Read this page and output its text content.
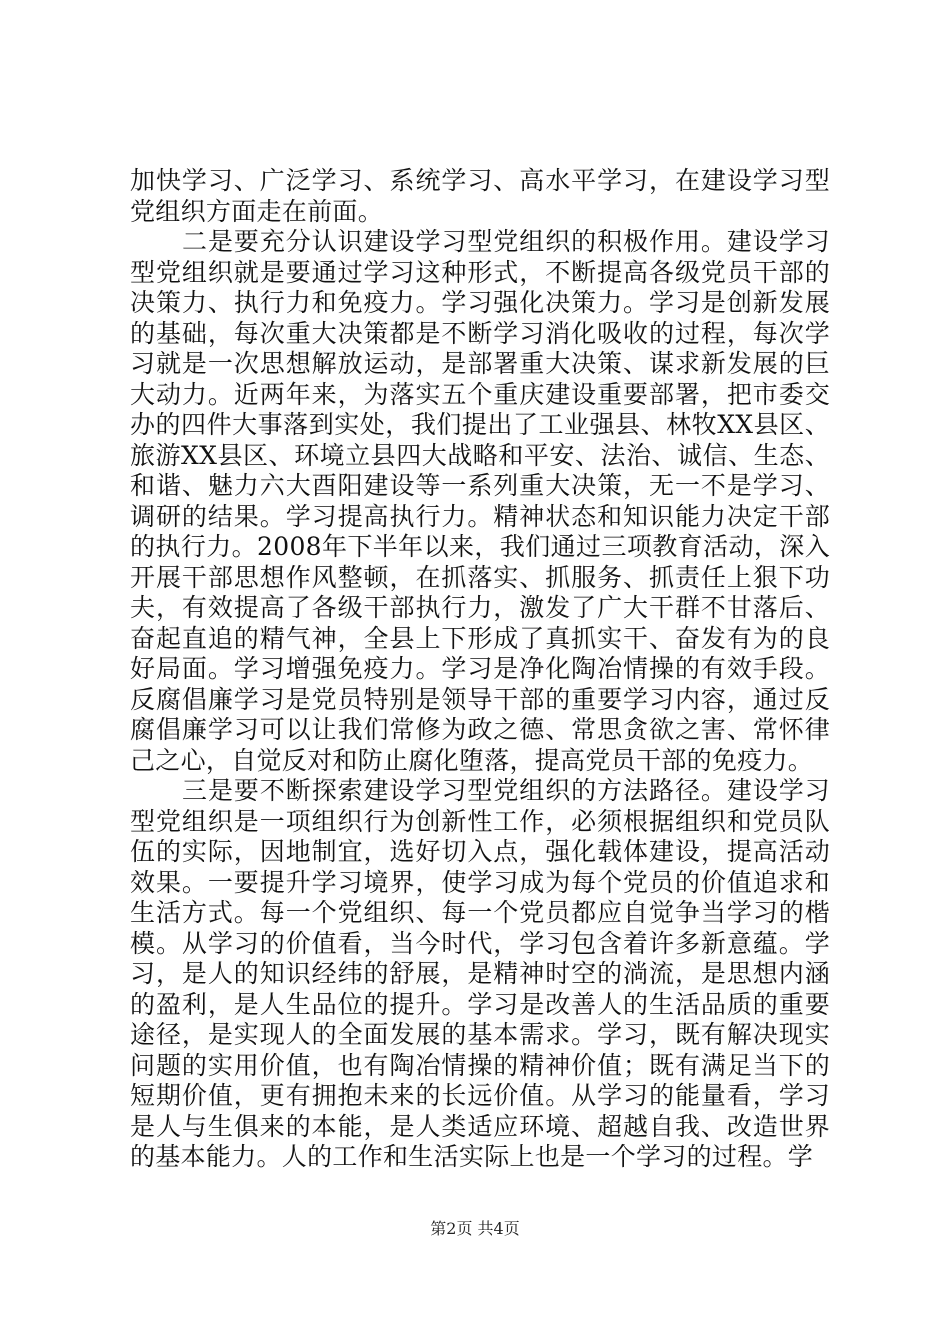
加快学习、广泛学习、系统学习、高水平学习，在建设学习型党组织方面走在前面。

二是要充分认识建设学习型党组织的积极作用。建设学习型党组织就是要通过学习这种形式，不断提高各级党员干部的决策力、执行力和免疫力。学习强化决策力。学习是创新发展的基础，每次重大决策都是不断学习消化吸收的过程，每次学习就是一次思想解放运动，是部署重大决策、谋求新发展的巨大动力。近两年来，为落实五个重庆建设重要部署，把市委交办的四件大事落到实处，我们提出了工业强县、林牧XX县区、旅游XX县区、环境立县四大战略和平安、法治、诚信、生态、和谐、魅力六大酉阳建设等一系列重大决策，无一不是学习、调研的结果。学习提高执行力。精神状态和知识能力决定干部的执行力。2008年下半年以来，我们通过三项教育活动，深入开展干部思想作风整顿，在抓落实、抓服务、抓责任上狠下功夫，有效提高了各级干部执行力，激发了广大干群不甘落后、奋起直追的精气神，全县上下形成了真抓实干、奋发有为的良好局面。学习增强免疫力。学习是净化陶冶情操的有效手段。反腐倡廉学习是党员特别是领导干部的重要学习内容，通过反腐倡廉学习可以让我们常修为政之德、常思贪欲之害、常怀律己之心，自觉反对和防止腐化堕落，提高党员干部的免疫力。

三是要不断探索建设学习型党组织的方法路径。建设学习型党组织是一项组织行为创新性工作，必须根据组织和党员队伍的实际，因地制宜，选好切入点，强化载体建设，提高活动效果。一要提升学习境界，使学习成为每个党员的价值追求和生活方式。每一个党组织、每一个党员都应自觉争当学习的楷模。从学习的价值看，当今时代，学习包含着许多新意蕴。学习，是人的知识经纬的舒展，是精神时空的淌流，是思想内涵的盈利，是人生品位的提升。学习是改善人的生活品质的重要途径，是实现人的全面发展的基本需求。学习，既有解决现实问题的实用价值，也有陶冶情操的精神价值；既有满足当下的短期价值，更有拥抱未来的长远价值。从学习的能量看，学习是人与生俱来的本能，是人类适应环境、超越自我、改造世界的基本能力。人的工作和生活实际上也是一个学习的过程。学

第2页 共4页
